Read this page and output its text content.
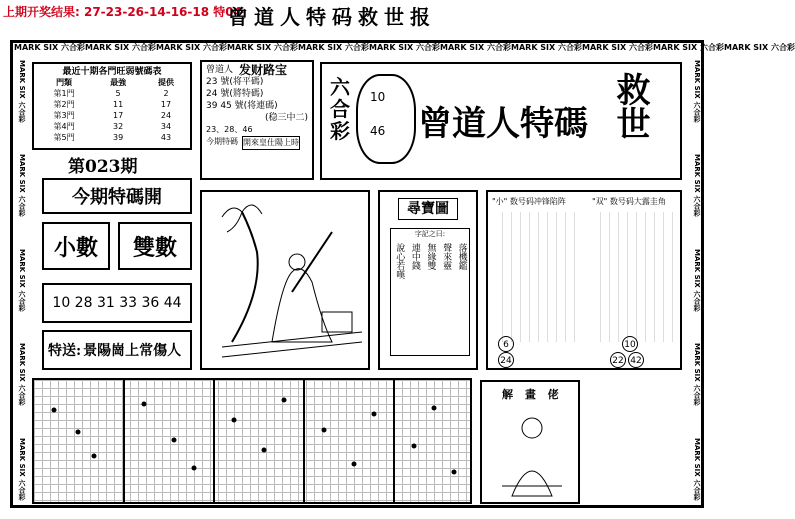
上期开奖结果: 27-23-26-14-16-18 特04
曾道人特码救世报
MARK SIX 六合彩 MARK SIX 六合彩 MARK SIX 六合彩 MARK SIX 六合彩 MARK SIX 六合彩 MARK SIX 六合彩 MARK SIX 六合彩 MARK SIX 六合彩 MARK SIX 六合彩 MARK SIX 六合彩 MARK SIX 六合彩
MARK SIX 六合彩
MARK SIX 六合彩
MARK SIX 六合彩
MARK SIX 六合彩
MARK SIX 六合彩
MARK SIX 六合彩
MARK SIX 六合彩
MARK SIX 六合彩
MARK SIX 六合彩
MARK SIX 六合彩
最近十期各門旺弱號碼表
門類	最強	提供
第1門	5	2
第2門	11	17
第3門	17	24
第4門	32	34
第5門	39	43
第023期
今期特碼開
小數 雙數
10 28 31 33 36 44
特送: 景陽崗上常傷人
曾道人 发财路宝
23 號(将平碼)
24 號(將特碼)
39 45 號(将連碼)
(稳三中二)
23、28、46
今期特碼 開來皇仕陽上時
六
合
彩
10
46 曾道人特碼 救世
尋寶圖
字記之曰:
說心若嘆 連中錢 無緣雙 聲來靈 落機鑑
"小" 数号码冲锋陷阵	"双" 数号码大露圭角
6
24
10
22 42
解 畫 佬
